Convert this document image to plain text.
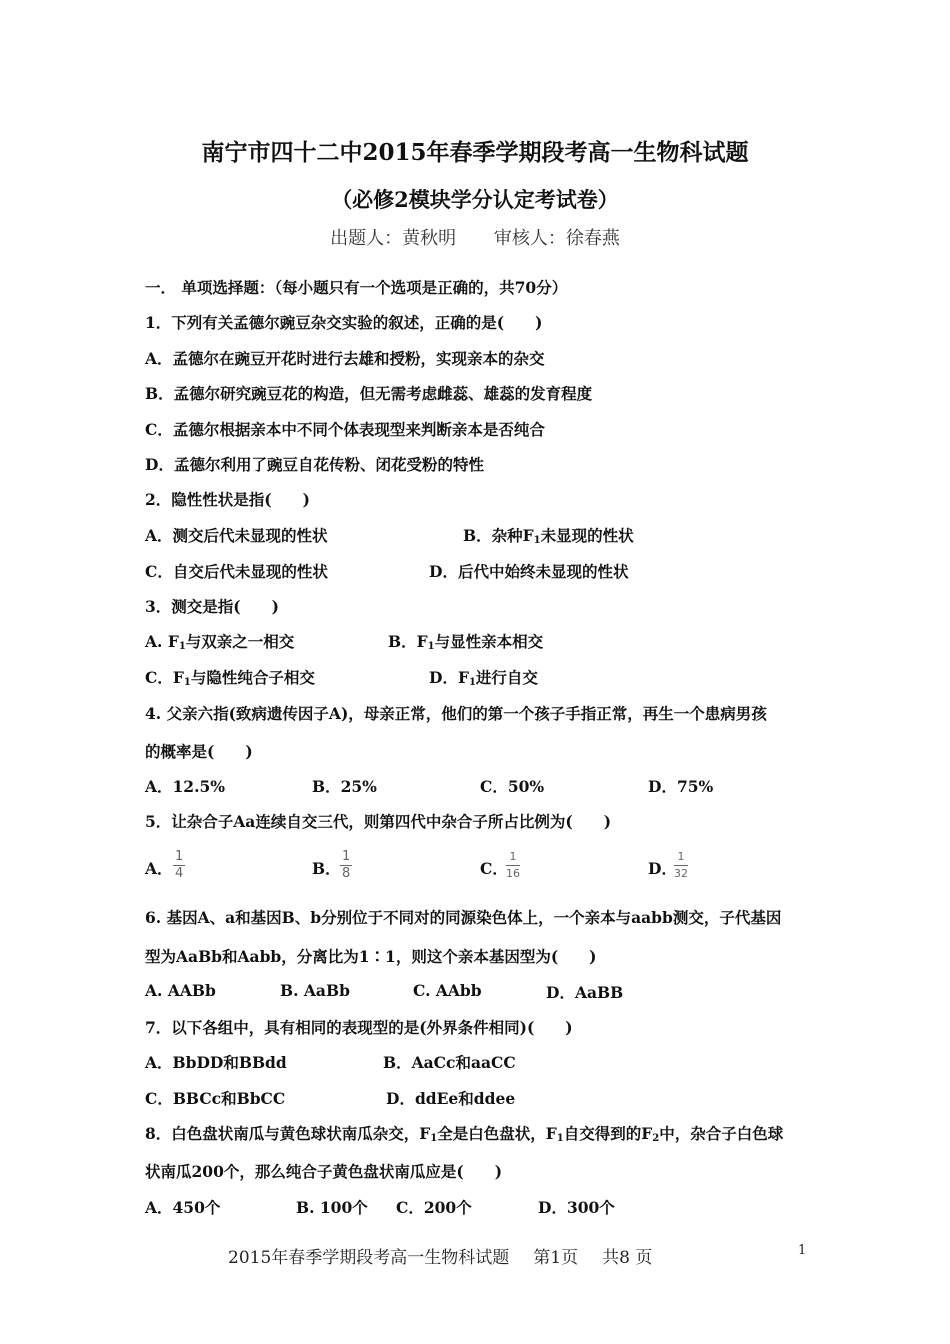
南宁市四十二中2015年春季学期段考高一生物科试题
（必修2模块学分认定考试卷）
出题人：黄秋明 审核人：徐春燕
一． 单项选择题：（每小题只有一个选项是正确的，共70分）
1．下列有关孟德尔豌豆杂交实验的叙述，正确的是(　　)
A．孟德尔在豌豆开花时进行去雄和授粉，实现亲本的杂交
B．孟德尔研究豌豆花的构造，但无需考虑雌蕊、雄蕊的发育程度
C．孟德尔根据亲本中不同个体表现型来判断亲本是否纯合
D．孟德尔利用了豌豆自花传粉、闭花受粉的特性
2．隐性性状是指(　　)
A．测交后代未显现的性状	B．杂种$F_1$未显现的性状
C．自交后代未显现的性状	D．后代中始终未显现的性状
3．测交是指(　　)
A. $F_1$与双亲之一相交	B．$F_1$与显性亲本相交
C．$F_1$与隐性纯合子相交	D．$F_1$进行自交
4. 父亲六指(致病遗传因子A)，母亲正常，他们的第一个孩子手指正常，再生一个患病男孩
的概率是(　　)
A．12.5%	B．25%	C．50%	D．75%
5．让杂合子Aa连续自交三代，则第四代中杂合子所占比例为(　　)
A． $\frac{1}{4}$	B． $\frac{1}{8}$	C．
$\frac{1}{16}$	D．
$\frac{1}{32}$
6. 基因A、a和基因B、b分别位于不同对的同源染色体上，一个亲本与aabb测交，子代基因
型为AaBb和Aabb，分离比为1∶1，则这个亲本基因型为(　　)
A. AABb	B. AaBb	C. AAbb	D．AaBB
7．以下各组中，具有相同的表现型的是(外界条件相同)(　　)
A．BbDD和BBdd	B．AaCc和aaCC
C．BBCc和BbCC	D．ddEe和ddee
8．白色盘状南瓜与黄色球状南瓜杂交，$F_1$全是白色盘状，$F_1$自交得到的$F_2$中，杂合子白色球
状南瓜200个，那么纯合子黄色盘状南瓜应是(　　)
A．450个	B. 100个 C．200个	D．300个
2015年春季学期段考高一生物科试题 第1页 共8 页	1
